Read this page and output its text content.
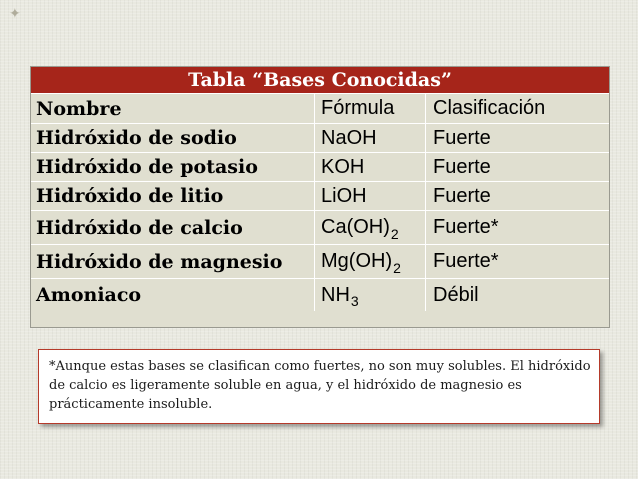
✦
Tabla “Bases Conocidas”
Nombre	Fórmula	Clasificación
Hidróxido de sodio	NaOH	Fuerte
Hidróxido de potasio	KOH	Fuerte
Hidróxido de litio	LiOH	Fuerte
Hidróxido de calcio	Ca(OH) 2	Fuerte*
Hidróxido de magnesio	Mg(OH) 2	Fuerte*
Amoniaco	NH 3	Débil
*Aunque estas bases se clasifican como fuertes, no son muy solubles. El hidróxido de calcio es ligeramente soluble en agua, y el hidróxido de magnesio es prácticamente insoluble.
